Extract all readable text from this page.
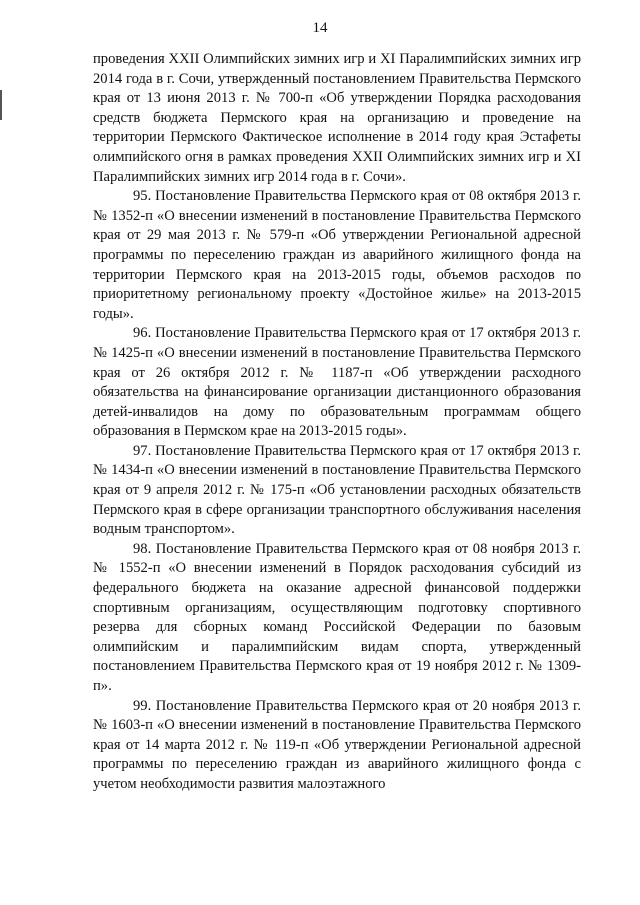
14

проведения XXII Олимпийских зимних игр и XI Паралимпийских зимних игр 2014 года в г. Сочи, утвержденный постановлением Правительства Пермского края от 13 июня 2013 г. № 700-п «Об утверждении Порядка расходования средств бюджета Пермского края на организацию и проведение на территории Пермского Фактическое исполнение в 2014 году края Эстафеты олимпийского огня в рамках проведения XXII Олимпийских зимних игр и XI Паралимпийских зимних игр 2014 года в г. Сочи».

95. Постановление Правительства Пермского края от 08 октября 2013 г. № 1352-п «О внесении изменений в постановление Правительства Пермского края от 29 мая 2013 г. № 579-п «Об утверждении Региональной адресной программы по переселению граждан из аварийного жилищного фонда на территории Пермского края на 2013-2015 годы, объемов расходов по приоритетному региональному проекту «Достойное жилье» на 2013-2015 годы».

96. Постановление Правительства Пермского края от 17 октября 2013 г. № 1425-п «О внесении изменений в постановление Правительства Пермского края от 26 октября 2012 г. № 1187-п «Об утверждении расходного обязательства на финансирование организации дистанционного образования детей-инвалидов на дому по образовательным программам общего образования в Пермском крае на 2013-2015 годы».

97. Постановление Правительства Пермского края от 17 октября 2013 г. № 1434-п «О внесении изменений в постановление Правительства Пермского края от 9 апреля 2012 г. № 175-п «Об установлении расходных обязательств Пермского края в сфере организации транспортного обслуживания населения водным транспортом».

98. Постановление Правительства Пермского края от 08 ноября 2013 г. № 1552-п «О внесении изменений в Порядок расходования субсидий из федерального бюджета на оказание адресной финансовой поддержки спортивным организациям, осуществляющим подготовку спортивного резерва для сборных команд Российской Федерации по базовым олимпийским и паралимпийским видам спорта, утвержденный постановлением Правительства Пермского края от 19 ноября 2012 г. № 1309-п».

99. Постановление Правительства Пермского края от 20 ноября 2013 г. № 1603-п «О внесении изменений в постановление Правительства Пермского края от 14 марта 2012 г. № 119-п «Об утверждении Региональной адресной программы по переселению граждан из аварийного жилищного фонда с учетом необходимости развития малоэтажного
